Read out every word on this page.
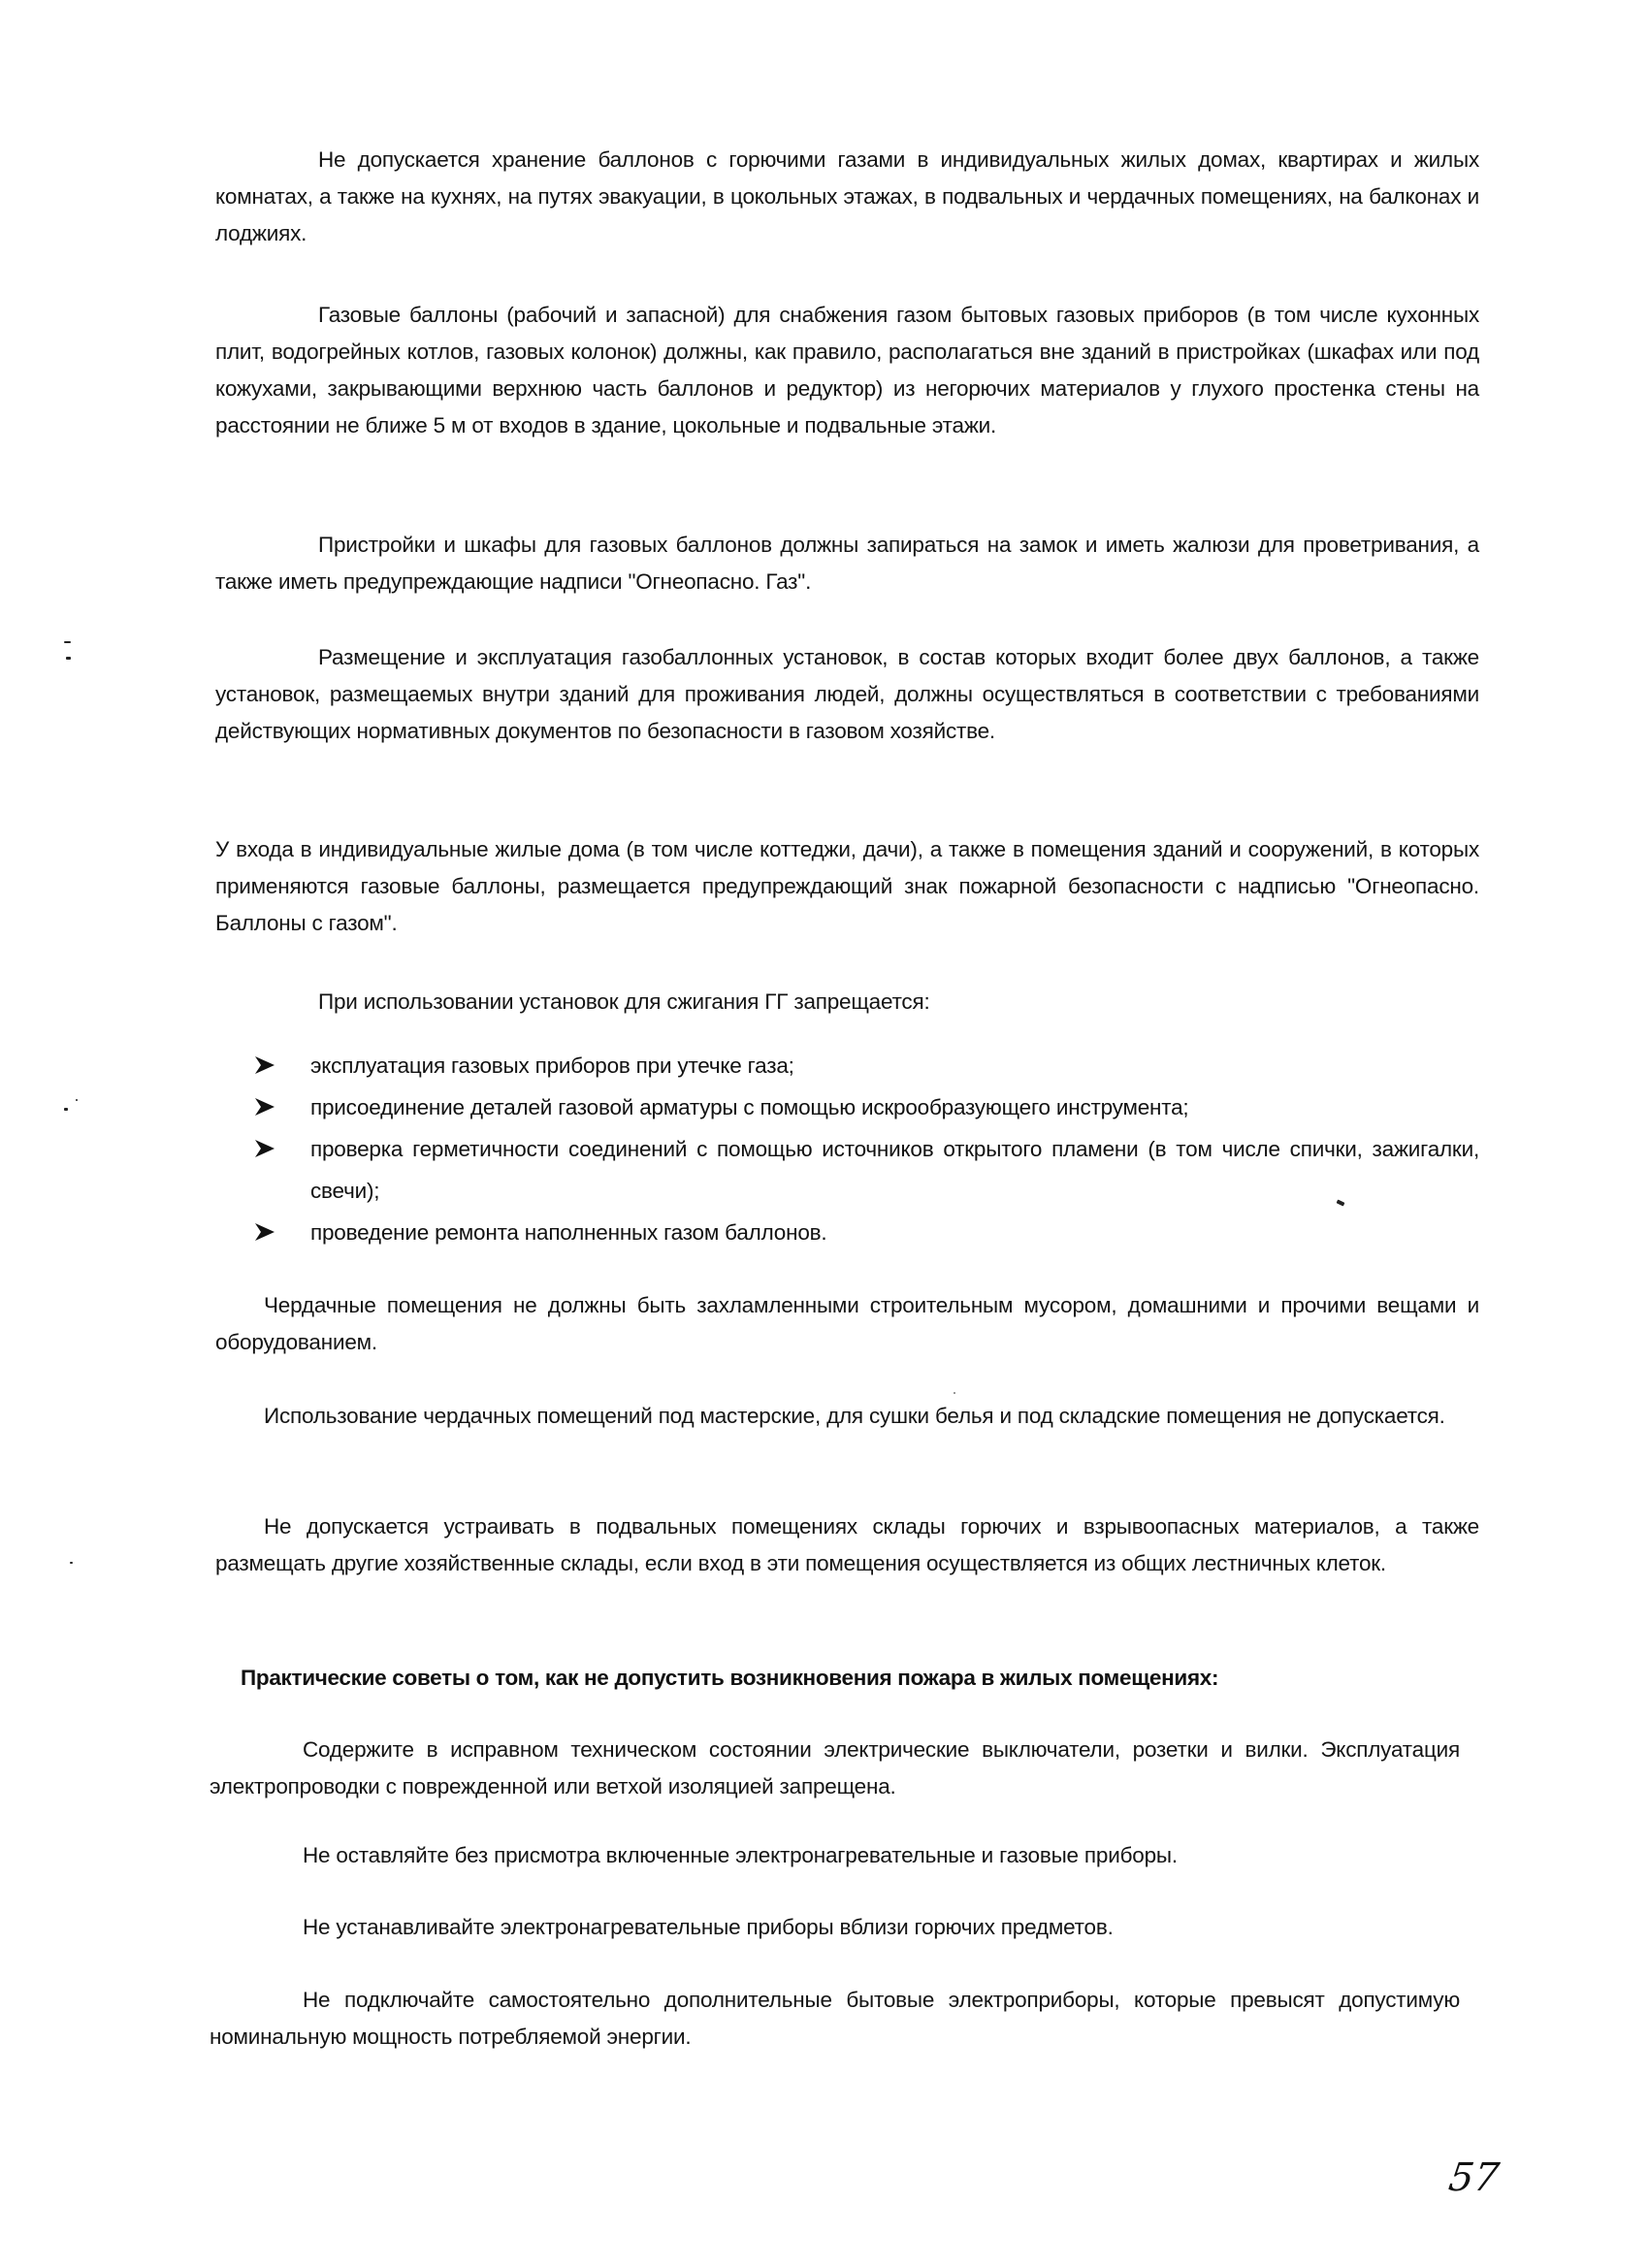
Не допускается хранение баллонов с горючими газами в индивидуальных жилых домах, квартирах и жилых комнатах, а также на кухнях, на путях эвакуации, в цокольных этажах, в подвальных и чердачных помещениях, на балконах и лоджиях.

Газовые баллоны (рабочий и запасной) для снабжения газом бытовых газовых приборов (в том числе кухонных плит, водогрейных котлов, газовых колонок) должны, как правило, располагаться вне зданий в пристройках (шкафах или под кожухами, закрывающими верхнюю часть баллонов и редуктор) из негорючих материалов у глухого простенка стены на расстоянии не ближе 5 м от входов в здание, цокольные и подвальные этажи.

Пристройки и шкафы для газовых баллонов должны запираться на замок и иметь жалюзи для проветривания, а также иметь предупреждающие надписи "Огнеопасно. Газ".

Размещение и эксплуатация газобаллонных установок, в состав которых входит более двух баллонов, а также установок, размещаемых внутри зданий для проживания людей, должны осуществляться в соответствии с требованиями действующих нормативных документов по безопасности в газовом хозяйстве.

У входа в индивидуальные жилые дома (в том числе коттеджи, дачи), а также в помещения зданий и сооружений, в которых применяются газовые баллоны, размещается предупреждающий знак пожарной безопасности с надписью "Огнеопасно. Баллоны с газом".

При использовании установок для сжигания ГГ запрещается:

эксплуатация газовых приборов при утечке газа;
присоединение деталей газовой арматуры с помощью искрообразующего инструмента;
проверка герметичности соединений с помощью источников открытого пламени (в том числе спички, зажигалки, свечи);
проведение ремонта наполненных газом баллонов.

Чердачные помещения не должны быть захламленными строительным мусором, домашними и прочими вещами и оборудованием.

Использование чердачных помещений под мастерские, для сушки белья и под складские помещения не допускается.

Не допускается устраивать в подвальных помещениях склады горючих и взрывоопасных материалов, а также размещать другие хозяйственные склады, если вход в эти помещения осуществляется из общих лестничных клеток.

Практические советы о том, как не допустить возникновения пожара в жилых помещениях:

Содержите в исправном техническом состоянии электрические выключатели, розетки и вилки. Эксплуатация электропроводки с поврежденной или ветхой изоляцией запрещена.

Не оставляйте без присмотра включенные электронагревательные и газовые приборы.

Не устанавливайте электронагревательные приборы вблизи горючих предметов.

Не подключайте самостоятельно дополнительные бытовые электроприборы, которые превысят допустимую номинальную мощность потребляемой энергии.

57
